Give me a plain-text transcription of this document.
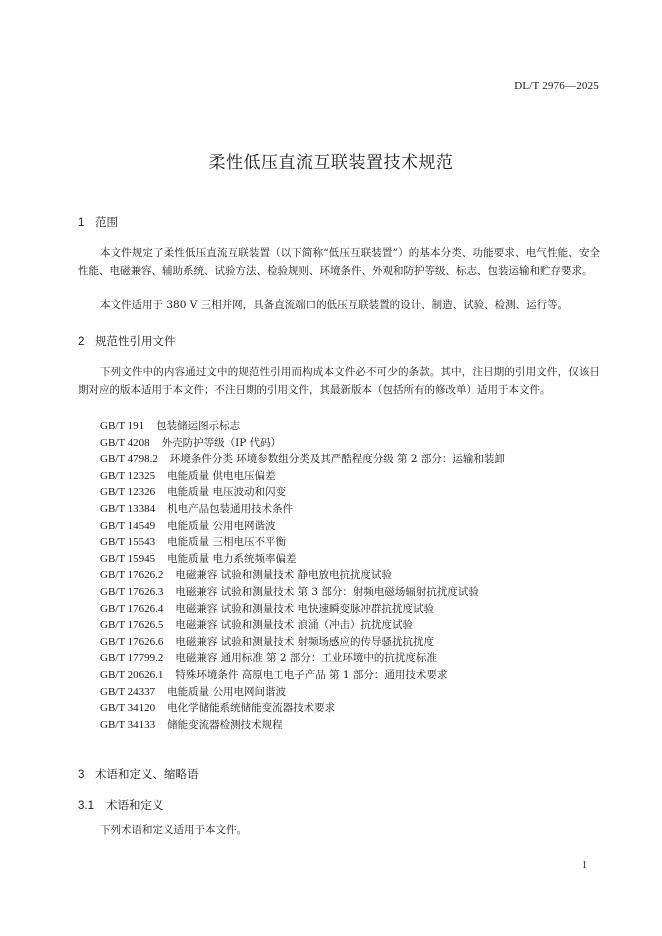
DL/T 2976—2025
柔性低压直流互联装置技术规范
1 范围
本文件规定了柔性低压直流互联装置（以下简称“低压互联装置”）的基本分类、功能要求、电气性能、安全性能、电磁兼容、辅助系统、试验方法、检验规则、环境条件、外观和防护等级、标志、包装运输和贮存要求。
本文件适用于 380 V 三相并网，具备直流端口的低压互联装置的设计、制造、试验、检测、运行等。
2 规范性引用文件
下列文件中的内容通过文中的规范性引用而构成本文件必不可少的条款。其中，注日期的引用文件，仅该日期对应的版本适用于本文件；不注日期的引用文件，其最新版本（包括所有的修改单）适用于本文件。
GB/T 191 包装储运图示标志
GB/T 4208 外壳防护等级（IP 代码）
GB/T 4798.2 环境条件分类 环境参数组分类及其严酷程度分级 第 2 部分：运输和装卸
GB/T 12325 电能质量 供电电压偏差
GB/T 12326 电能质量 电压波动和闪变
GB/T 13384 机电产品包装通用技术条件
GB/T 14549 电能质量 公用电网谐波
GB/T 15543 电能质量 三相电压不平衡
GB/T 15945 电能质量 电力系统频率偏差
GB/T 17626.2 电磁兼容 试验和测量技术 静电放电抗扰度试验
GB/T 17626.3 电磁兼容 试验和测量技术 第 3 部分：射频电磁场辐射抗扰度试验
GB/T 17626.4 电磁兼容 试验和测量技术 电快速瞬变脉冲群抗扰度试验
GB/T 17626.5 电磁兼容 试验和测量技术 浪涌（冲击）抗扰度试验
GB/T 17626.6 电磁兼容 试验和测量技术 射频场感应的传导骚扰抗扰度
GB/T 17799.2 电磁兼容 通用标准 第 2 部分：工业环境中的抗扰度标准
GB/T 20626.1 特殊环境条件 高原电工电子产品 第 1 部分：通用技术要求
GB/T 24337 电能质量 公用电网间谐波
GB/T 34120 电化学储能系统储能变流器技术要求
GB/T 34133 储能变流器检测技术规程
3 术语和定义、缩略语
3.1 术语和定义
下列术语和定义适用于本文件。
1
